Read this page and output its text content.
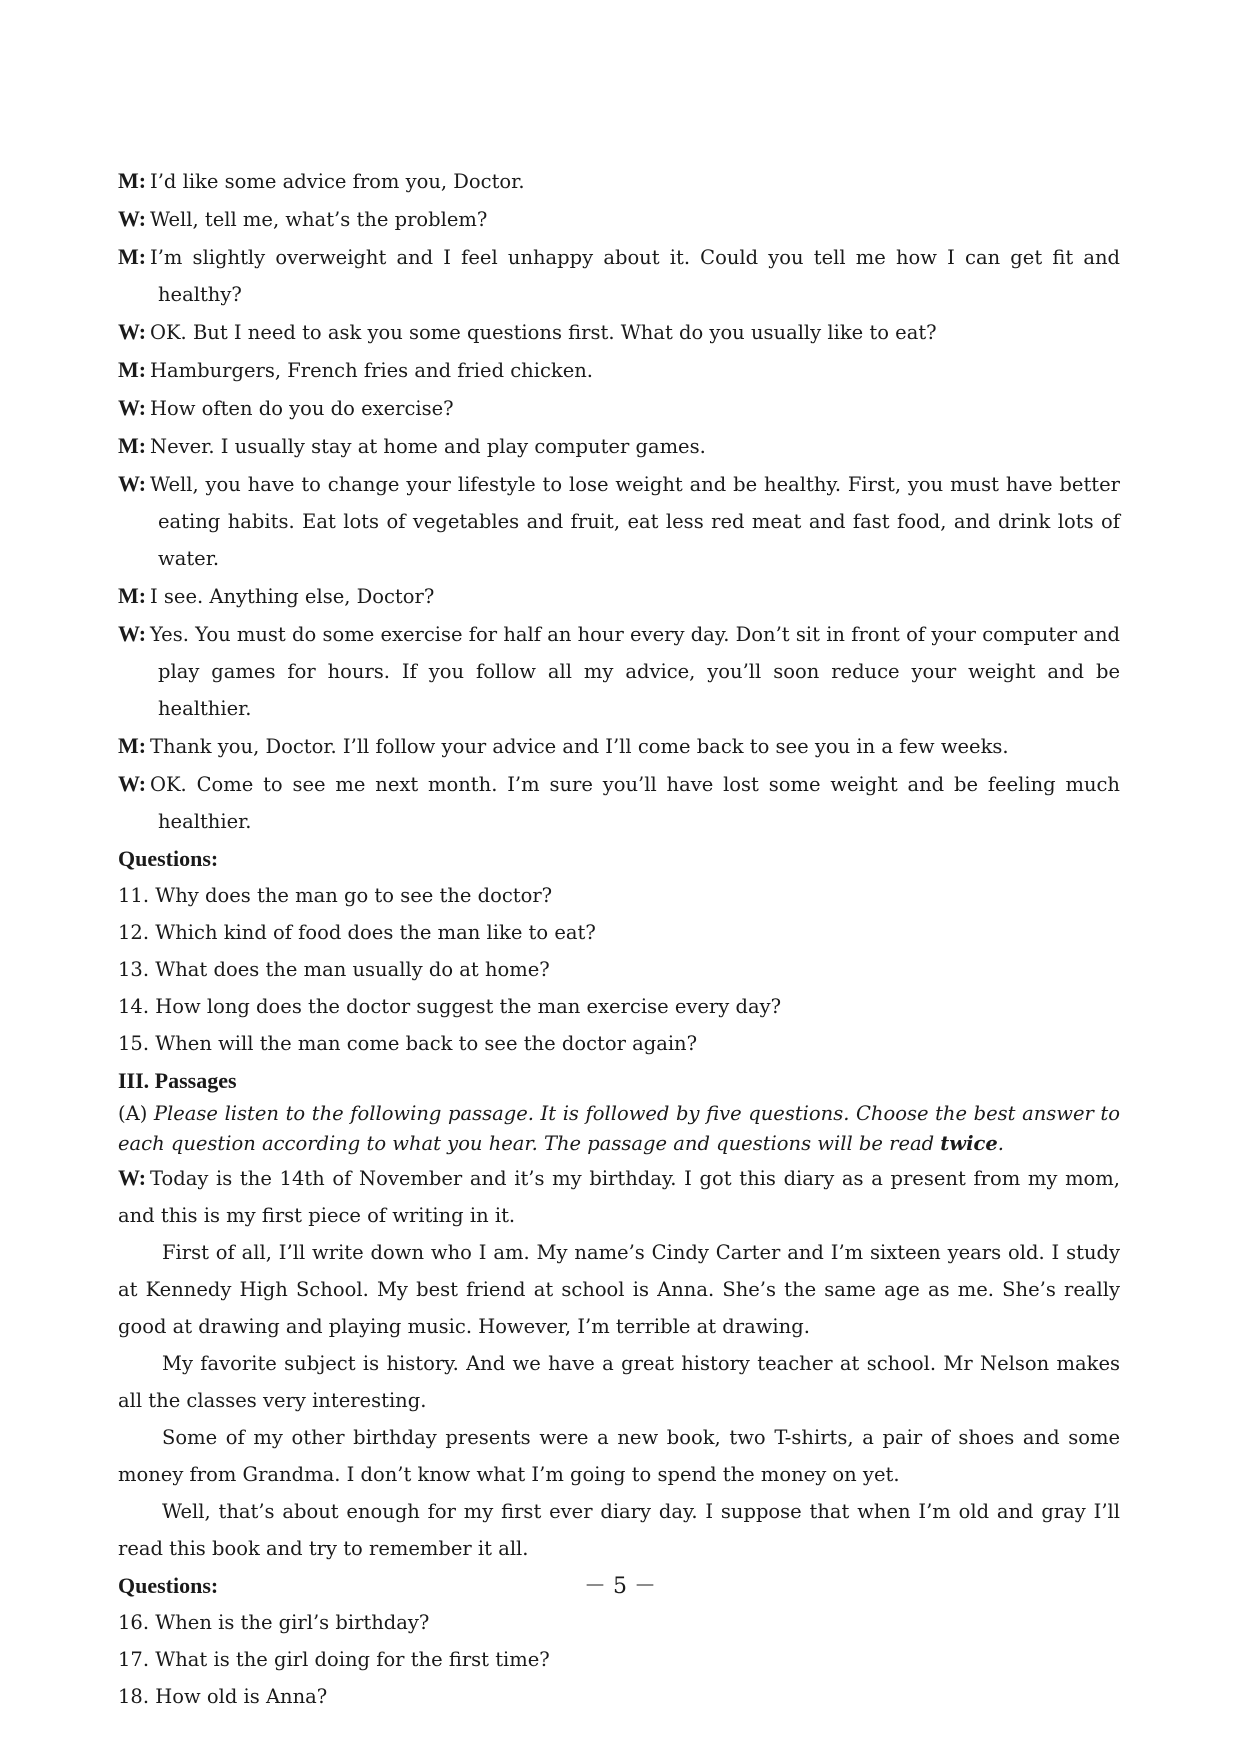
M: I’d like some advice from you, Doctor.

W: Well, tell me, what’s the problem?

M: I’m slightly overweight and I feel unhappy about it. Could you tell me how I can get fit and healthy?

W: OK. But I need to ask you some questions first. What do you usually like to eat?

M: Hamburgers, French fries and fried chicken.

W: How often do you do exercise?

M: Never. I usually stay at home and play computer games.

W: Well, you have to change your lifestyle to lose weight and be healthy. First, you must have better eating habits. Eat lots of vegetables and fruit, eat less red meat and fast food, and drink lots of water.

M: I see. Anything else, Doctor?

W: Yes. You must do some exercise for half an hour every day. Don’t sit in front of your computer and play games for hours. If you follow all my advice, you’ll soon reduce your weight and be healthier.

M: Thank you, Doctor. I’ll follow your advice and I’ll come back to see you in a few weeks.

W: OK. Come to see me next month. I’m sure you’ll have lost some weight and be feeling much healthier.

Questions:

11. Why does the man go to see the doctor?

12. Which kind of food does the man like to eat?

13. What does the man usually do at home?

14. How long does the doctor suggest the man exercise every day?

15. When will the man come back to see the doctor again?

III. Passages

(A) Please listen to the following passage. It is followed by five questions. Choose the best answer to each question according to what you hear. The passage and questions will be read twice.

W: Today is the 14th of November and it’s my birthday. I got this diary as a present from my mom, and this is my first piece of writing in it.

First of all, I’ll write down who I am. My name’s Cindy Carter and I’m sixteen years old. I study at Kennedy High School. My best friend at school is Anna. She’s the same age as me. She’s really good at drawing and playing music. However, I’m terrible at drawing.

My favorite subject is history. And we have a great history teacher at school. Mr Nelson makes all the classes very interesting.

Some of my other birthday presents were a new book, two T-shirts, a pair of shoes and some money from Grandma. I don’t know what I’m going to spend the money on yet.

Well, that’s about enough for my first ever diary day. I suppose that when I’m old and gray I’ll read this book and try to remember it all.

Questions:

16. When is the girl’s birthday?

17. What is the girl doing for the first time?

18. How old is Anna?

－ 5 －
